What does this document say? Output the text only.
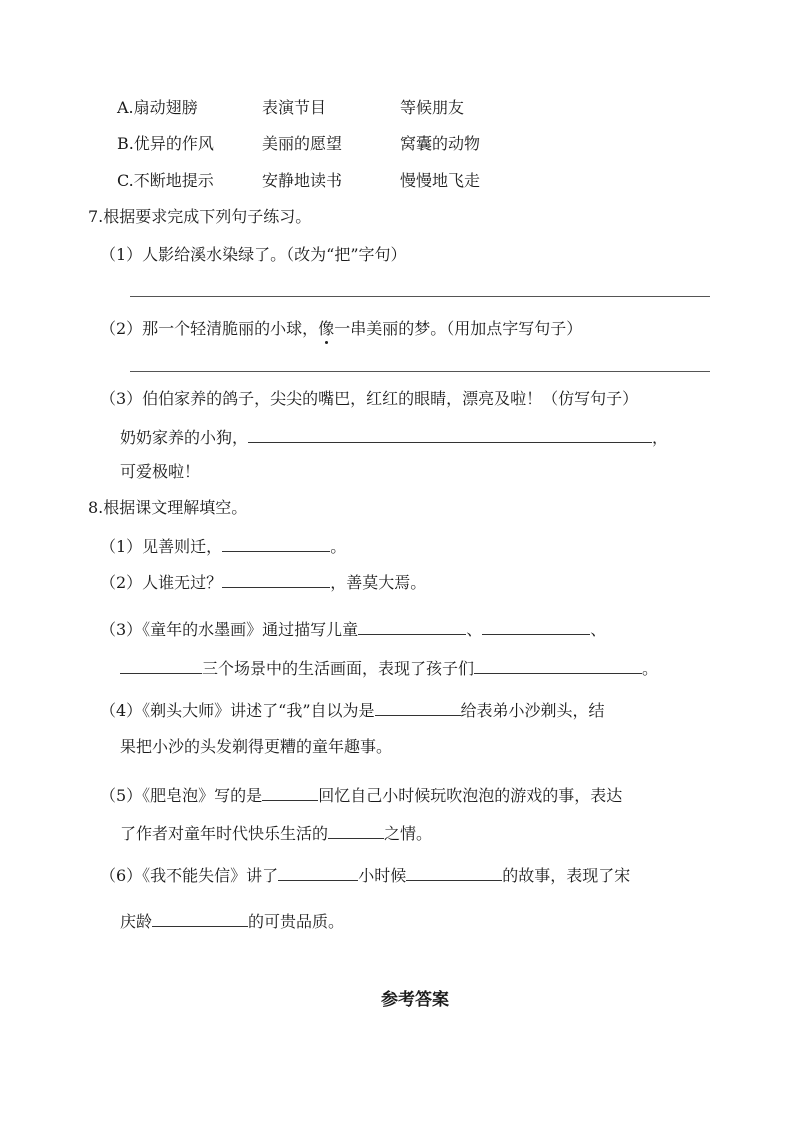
A.扇动翅膀	表演节目	等候朋友
B.优异的作风	美丽的愿望	窝囊的动物
C.不断地提示	安静地读书	慢慢地飞走
7.根据要求完成下列句子练习。
（1）人影给溪水染绿了。（改为“把”字句）
（2）那一个轻清脆丽的小球，像一串美丽的梦。（用加点字写句子）
（3）伯伯家养的鸽子，尖尖的嘴巴，红红的眼睛，漂亮及啦！（仿写句子）
奶奶家养的小狗，	，
可爱极啦！
8.根据课文理解填空。
（1）见善则迁，	。
（2）人谁无过？	，善莫大焉。
（3）《童年的水墨画》通过描写儿童	、	、
三个场景中的生活画面，表现了孩子们	。
（4）《剃头大师》讲述了“我”自以为是	给表弟小沙剃头，结
果把小沙的头发剃得更糟的童年趣事。
（5）《肥皂泡》写的是	回忆自己小时候玩吹泡泡的游戏的事，表达
了作者对童年时代快乐生活的	之情。
（6）《我不能失信》讲了	小时候	的故事，表现了宋
庆龄	的可贵品质。
参考答案
